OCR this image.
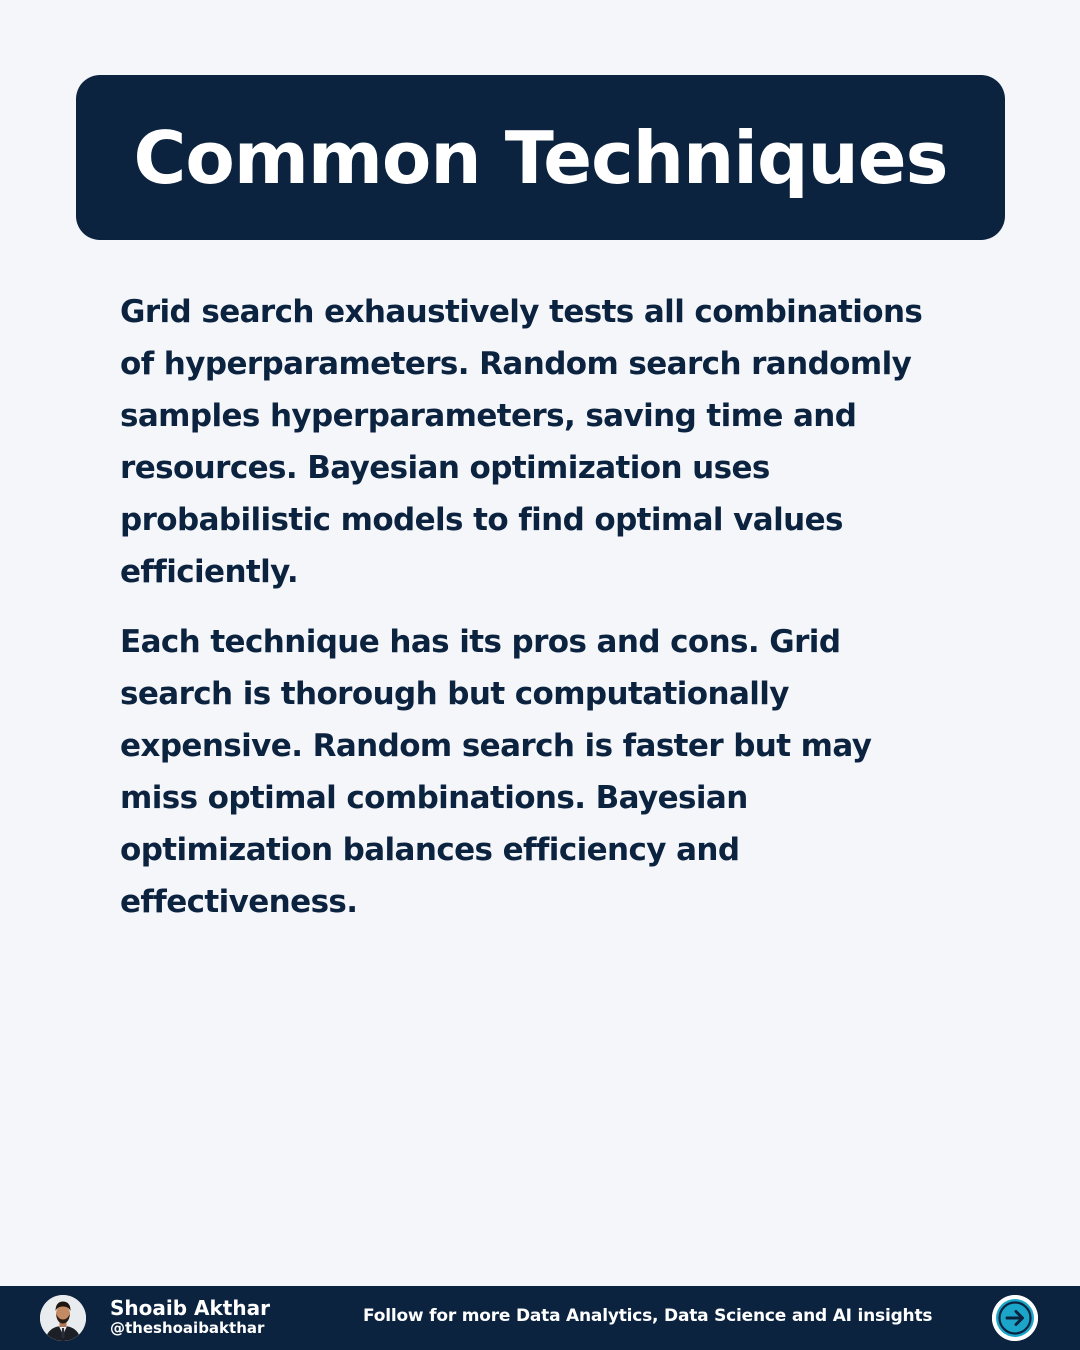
Common Techniques

Grid search exhaustively tests all combinations of hyperparameters. Random search randomly samples hyperparameters, saving time and resources. Bayesian optimization uses probabilistic models to find optimal values efficiently.

Each technique has its pros and cons. Grid search is thorough but computationally expensive. Random search is faster but may miss optimal combinations. Bayesian optimization balances efficiency and effectiveness.

Shoaib Akthar
@theshoaibakthar
Follow for more Data Analytics, Data Science and AI insights
